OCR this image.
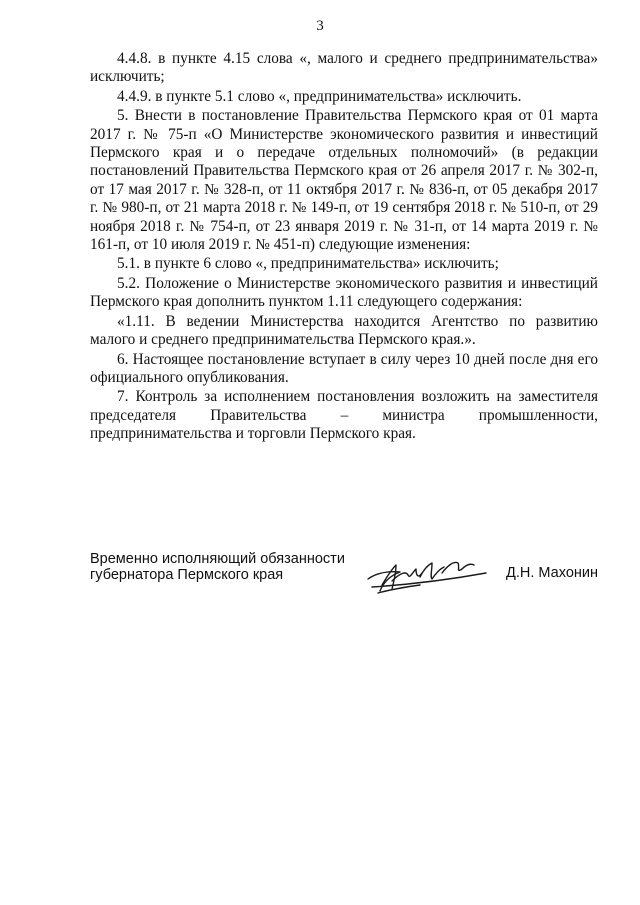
3

4.4.8. в пункте 4.15 слова «, малого и среднего предпринимательства» исключить;

4.4.9. в пункте 5.1 слово «, предпринимательства» исключить.

5. Внести в постановление Правительства Пермского края от 01 марта 2017 г. № 75-п «О Министерстве экономического развития и инвестиций Пермского края и о передаче отдельных полномочий» (в редакции постановлений Правительства Пермского края от 26 апреля 2017 г. № 302-п, от 17 мая 2017 г. № 328-п, от 11 октября 2017 г. № 836-п, от 05 декабря 2017 г. № 980-п, от 21 марта 2018 г. № 149-п, от 19 сентября 2018 г. № 510-п, от 29 ноября 2018 г. № 754-п, от 23 января 2019 г. № 31-п, от 14 марта 2019 г. № 161-п, от 10 июля 2019 г. № 451-п) следующие изменения:

5.1. в пункте 6 слово «, предпринимательства» исключить;

5.2. Положение о Министерстве экономического развития и инвестиций Пермского края дополнить пунктом 1.11 следующего содержания:

«1.11. В ведении Министерства находится Агентство по развитию малого и среднего предпринимательства Пермского края.».

6. Настоящее постановление вступает в силу через 10 дней после дня его официального опубликования.

7. Контроль за исполнением постановления возложить на заместителя председателя Правительства – министра промышленности, предпринимательства и торговли Пермского края.

Временно исполняющий обязанности
губернатора Пермского края	Д.Н. Махонин
